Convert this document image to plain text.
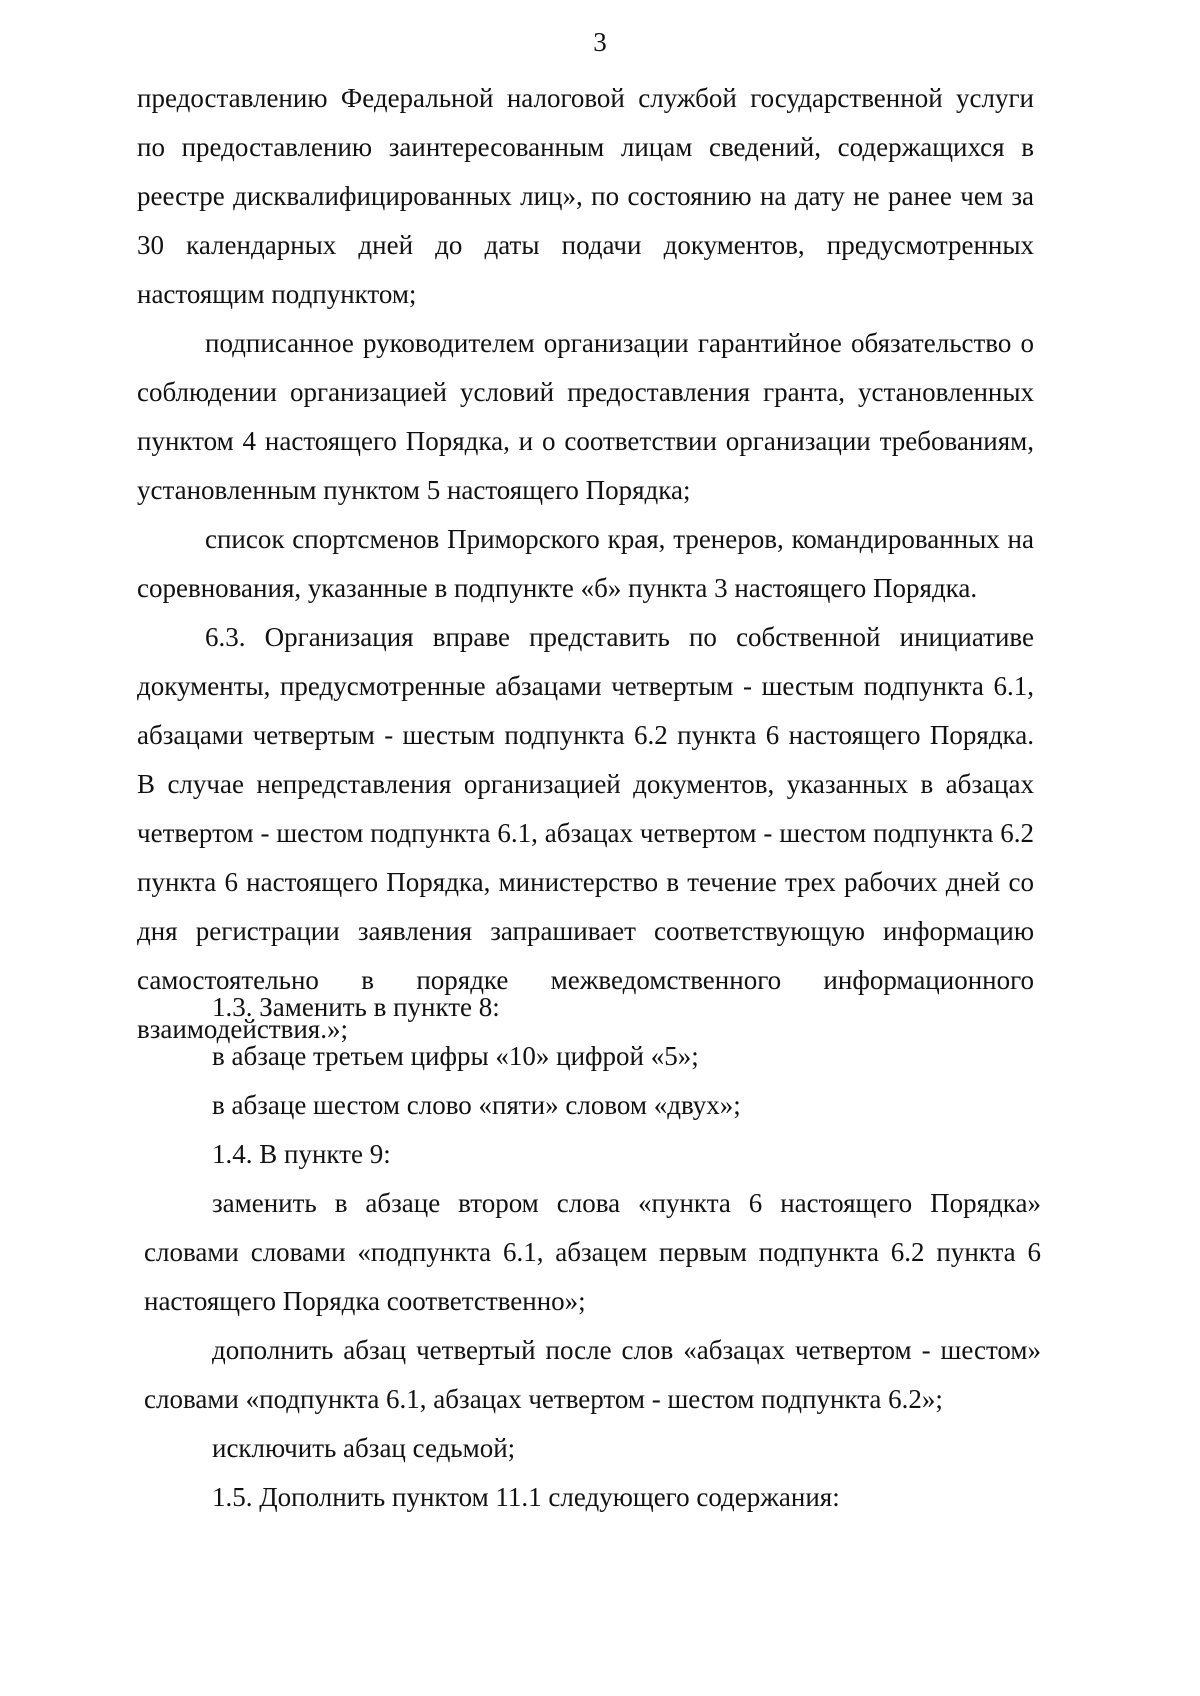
3

предоставлению Федеральной налоговой службой государственной услуги по предоставлению заинтересованным лицам сведений, содержащихся в реестре дисквалифицированных лиц», по состоянию на дату не ранее чем за 30 календарных дней до даты подачи документов, предусмотренных настоящим подпунктом;

подписанное руководителем организации гарантийное обязательство о соблюдении организацией условий предоставления гранта, установленных пунктом 4 настоящего Порядка, и о соответствии организации требованиям, установленным пунктом 5 настоящего Порядка;

список спортсменов Приморского края, тренеров, командированных на соревнования, указанные в подпункте «б» пункта 3 настоящего Порядка.

6.3. Организация вправе представить по собственной инициативе документы, предусмотренные абзацами четвертым - шестым подпункта 6.1, абзацами четвертым - шестым подпункта 6.2 пункта 6 настоящего Порядка. В случае непредставления организацией документов, указанных в абзацах четвертом - шестом подпункта 6.1, абзацах четвертом - шестом подпункта 6.2 пункта 6 настоящего Порядка, министерство в течение трех рабочих дней со дня регистрации заявления запрашивает соответствующую информацию самостоятельно в порядке межведомственного информационного взаимодействия.»;

1.3. Заменить в пункте 8:

в абзаце третьем цифры «10» цифрой «5»;

в абзаце шестом слово «пяти» словом «двух»;

1.4. В пункте 9:

заменить в абзаце втором слова «пункта 6 настоящего Порядка» словами словами «подпункта 6.1, абзацем первым подпункта 6.2 пункта 6 настоящего Порядка соответственно»;

дополнить абзац четвертый после слов «абзацах четвертом - шестом» словами «подпункта 6.1, абзацах четвертом - шестом подпункта 6.2»;

исключить абзац седьмой;

1.5. Дополнить пунктом 11.1 следующего содержания:
